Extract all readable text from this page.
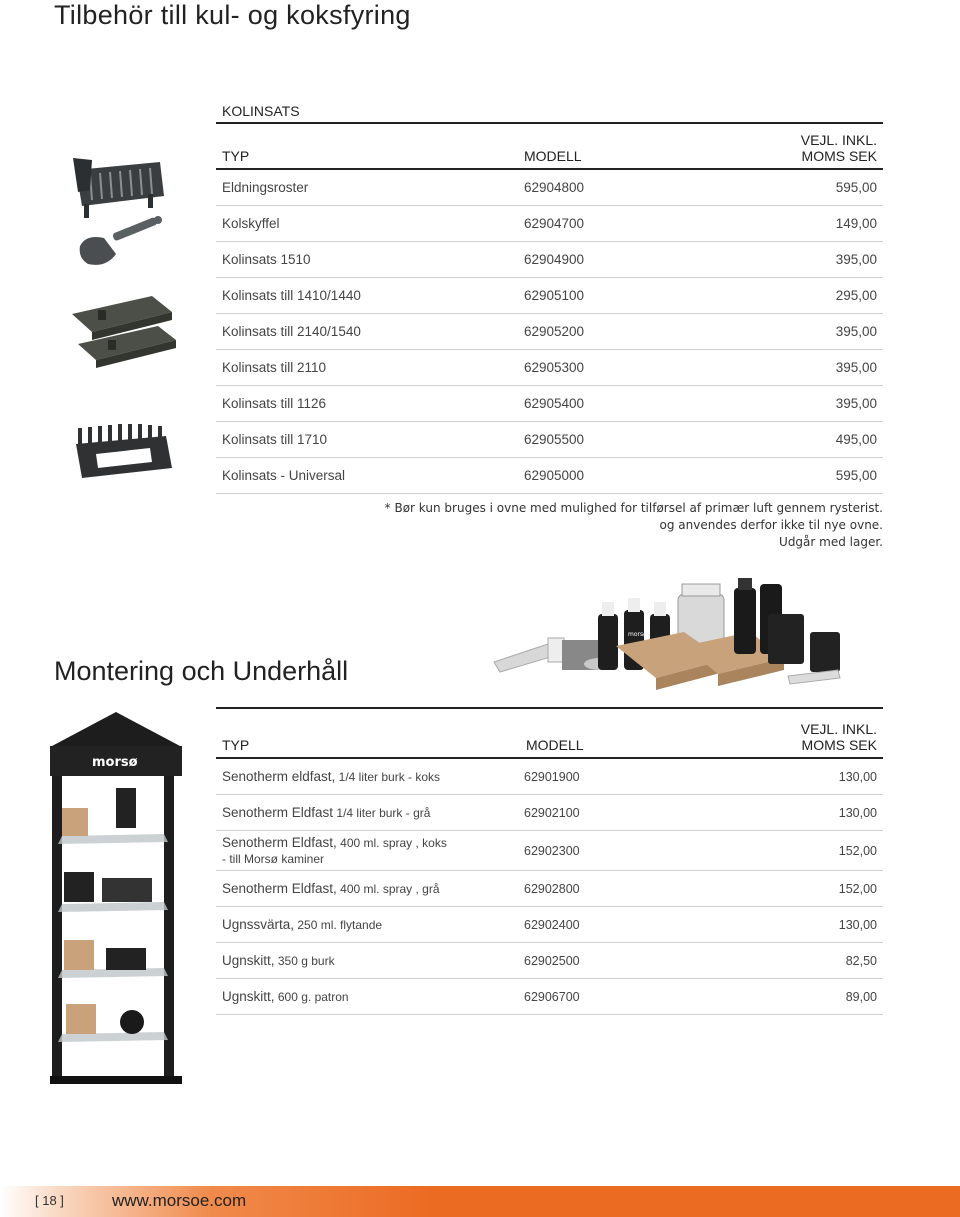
Tilbehör till kul- og koksfyring
KOLINSATS
TYP	MODELL	VEJL. INKL.
MOMS SEK

Eldningsroster	62904800	595,00
Kolskyffel	62904700	149,00
Kolinsats 1510	62904900	395,00
Kolinsats till 1410/1440	62905100	295,00
Kolinsats till 2140/1540	62905200	395,00
Kolinsats till 2110	62905300	395,00
Kolinsats till 1126	62905400	395,00
Kolinsats till 1710	62905500	495,00
Kolinsats - Universal	62905000	595,00
* Bør kun bruges i ovne med mulighed for tilførsel af primær luft gennem rysterist.
og anvendes derfor ikke til nye ovne.
Udgår med lager.
morsø
morsø
Montering och Underhåll
TYP	MODELL	VEJL. INKL.
MOMS SEK

Senotherm eldfast, 1/4 liter burk - koks	62901900	130,00
Senotherm Eldfast 1/4 liter burk - grå	62902100	130,00

Senotherm Eldfast, 400 ml. spray , koks
- till Morsø kaminer	62902300	152,00
Senotherm Eldfast, 400 ml. spray , grå	62902800	152,00
Ugnssvärta, 250 ml. flytande	62902400	130,00
Ugnskitt, 350 g burk	62902500	82,50
Ugnskitt, 600 g. patron	62906700	89,00
[ 18 ]	www.morsoe.com
